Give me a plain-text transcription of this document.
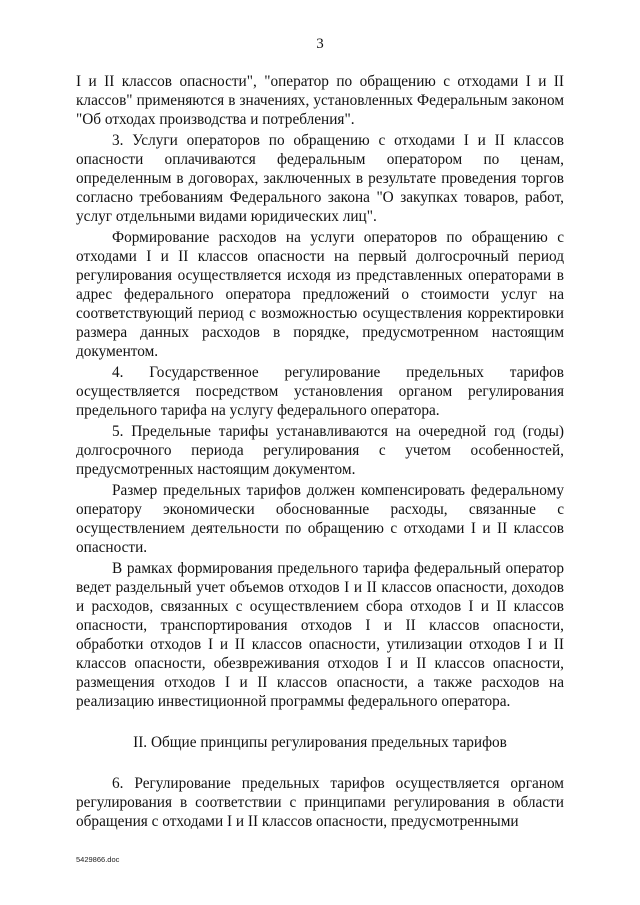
3

I и II классов опасности", "оператор по обращению с отходами I и II классов" применяются в значениях, установленных Федеральным законом "Об отходах производства и потребления".

3. Услуги операторов по обращению с отходами I и II классов опасности оплачиваются федеральным оператором по ценам, определенным в договорах, заключенных в результате проведения торгов согласно требованиям Федерального закона "О закупках товаров, работ, услуг отдельными видами юридических лиц".

Формирование расходов на услуги операторов по обращению с отходами I и II классов опасности на первый долгосрочный период регулирования осуществляется исходя из представленных операторами в адрес федерального оператора предложений о стоимости услуг на соответствующий период с возможностью осуществления корректировки размера данных расходов в порядке, предусмотренном настоящим документом.

4. Государственное регулирование предельных тарифов осуществляется посредством установления органом регулирования предельного тарифа на услугу федерального оператора.

5. Предельные тарифы устанавливаются на очередной год (годы) долгосрочного периода регулирования с учетом особенностей, предусмотренных настоящим документом.

Размер предельных тарифов должен компенсировать федеральному оператору экономически обоснованные расходы, связанные с осуществлением деятельности по обращению с отходами I и II классов опасности.

В рамках формирования предельного тарифа федеральный оператор ведет раздельный учет объемов отходов I и II классов опасности, доходов и расходов, связанных с осуществлением сбора отходов I и II классов опасности, транспортирования отходов I и II классов опасности, обработки отходов I и II классов опасности, утилизации отходов I и II классов опасности, обезвреживания отходов I и II классов опасности, размещения отходов I и II классов опасности, а также расходов на реализацию инвестиционной программы федерального оператора.

II. Общие принципы регулирования предельных тарифов

6. Регулирование предельных тарифов осуществляется органом регулирования в соответствии с принципами регулирования в области обращения с отходами I и II классов опасности, предусмотренными

5429866.doc
